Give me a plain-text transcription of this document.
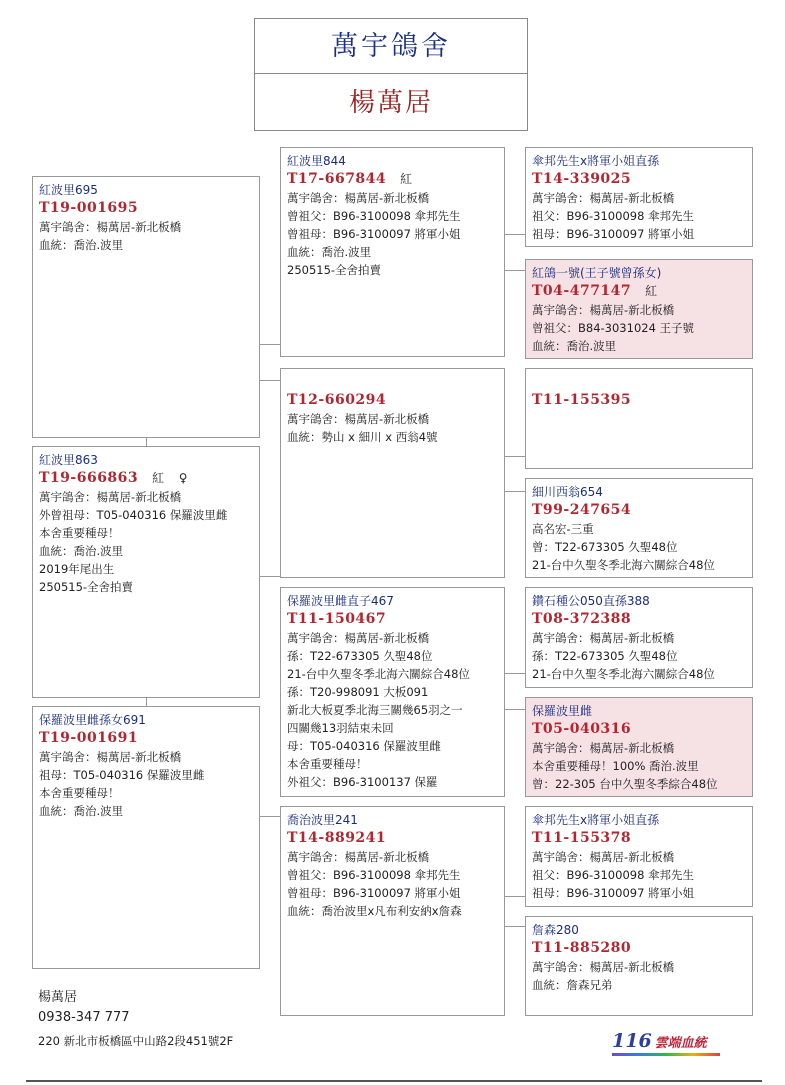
萬宇鴿舍
楊萬居
紅波里695
T19-001695
萬宇鴿舍：楊萬居-新北板橋
血統：喬治.波里
紅波里863
T19-666863 紅 ♀
萬宇鴿舍：楊萬居-新北板橋
外曾祖母：T05-040316 保羅波里雌
本舍重要種母！
血統：喬治.波里
2019年尾出生
250515-全舍拍賣
保羅波里雌孫女691
T19-001691
萬宇鴿舍：楊萬居-新北板橋
祖母：T05-040316 保羅波里雌
本舍重要種母！
血統：喬治.波里
紅波里844
T17-667844 紅
萬宇鴿舍：楊萬居-新北板橋
曾祖父：B96-3100098 傘邦先生
曾祖母：B96-3100097 將軍小姐
血統：喬治.波里
250515-全舍拍賣
T12-660294
萬宇鴿舍：楊萬居-新北板橋
血統：勢山 x 細川 x 西翁4號
保羅波里雌直子467
T11-150467
萬宇鴿舍：楊萬居-新北板橋
孫：T22-673305 久聖48位
21-台中久聖冬季北海六關綜合48位
孫：T20-998091 大板091
新北大板夏季北海三關幾65羽之一
四關幾13羽結束未回
母：T05-040316 保羅波里雌
本舍重要種母！
外祖父：B96-3100137 保羅
喬治波里241
T14-889241
萬宇鴿舍：楊萬居-新北板橋
曾祖父：B96-3100098 傘邦先生
曾祖母：B96-3100097 將軍小姐
血統：喬治波里x凡布利安納x詹森
傘邦先生x將軍小姐直孫
T14-339025
萬宇鴿舍：楊萬居-新北板橋
祖父：B96-3100098 傘邦先生
祖母：B96-3100097 將軍小姐
紅鴿一號(王子號曾孫女)
T04-477147 紅
萬宇鴿舍：楊萬居-新北板橋
曾祖父：B84-3031024 王子號
血統：喬治.波里
T11-155395
細川西翁654
T99-247654
高名宏-三重
曾：T22-673305 久聖48位
21-台中久聖冬季北海六關綜合48位
鑽石種公050直孫388
T08-372388
萬宇鴿舍：楊萬居-新北板橋
孫：T22-673305 久聖48位
21-台中久聖冬季北海六關綜合48位
保羅波里雌
T05-040316
萬宇鴿舍：楊萬居-新北板橋
本舍重要種母！100% 喬治.波里
曾：22-305 台中久聖冬季綜合48位
傘邦先生x將軍小姐直孫
T11-155378
萬宇鴿舍：楊萬居-新北板橋
祖父：B96-3100098 傘邦先生
祖母：B96-3100097 將軍小姐
詹森280
T11-885280
萬宇鴿舍：楊萬居-新北板橋
血統：詹森兄弟
楊萬居
0938-347 777
220 新北市板橋區中山路2段451號2F	116 雲端血統
